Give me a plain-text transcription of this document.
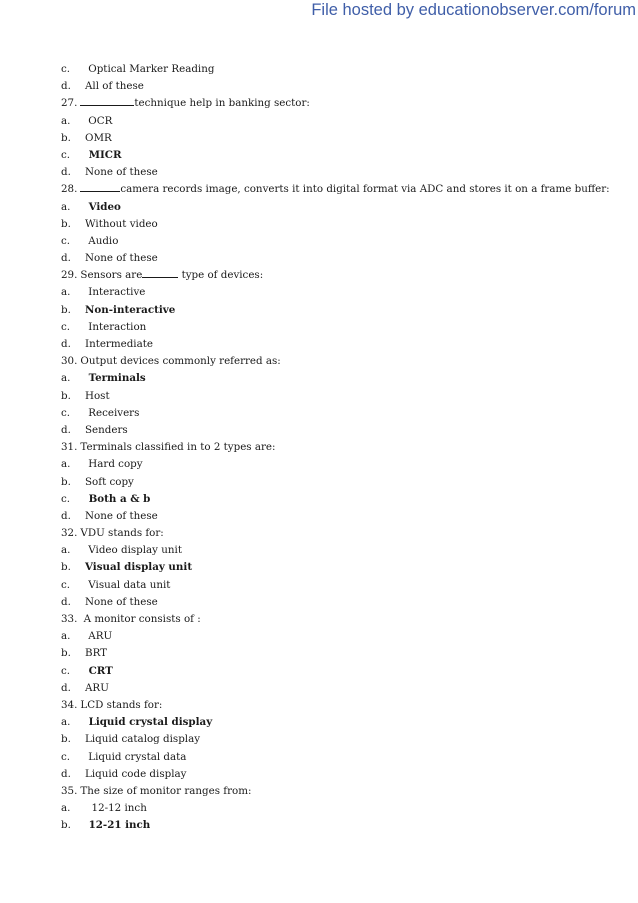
File hosted by educationobserver.com/forum
c. Optical Marker Reading
d. All of these
27.	technique help in banking sector:
a. OCR
b. OMR
c. MICR
d. None of these
28.	camera records image, converts it into digital format via ADC and stores it on a frame buffer:
a. Video
b. Without video
c. Audio
d. None of these
29. Sensors are	type of devices:
a. Interactive
b. Non-interactive
c. Interaction
d. Intermediate
30. Output devices commonly referred as:
a. Terminals
b. Host
c. Receivers
d. Senders
31. Terminals classified in to 2 types are:
a. Hard copy
b. Soft copy
c. Both a & b
d. None of these
32. VDU stands for:
a. Video display unit
b. Visual display unit
c. Visual data unit
d. None of these
33. A monitor consists of :
a. ARU
b. BRT
c. CRT
d. ARU
34. LCD stands for:
a. Liquid crystal display
b. Liquid catalog display
c. Liquid crystal data
d. Liquid code display
35. The size of monitor ranges from:
a.  12-12 inch
b. 12-21 inch
